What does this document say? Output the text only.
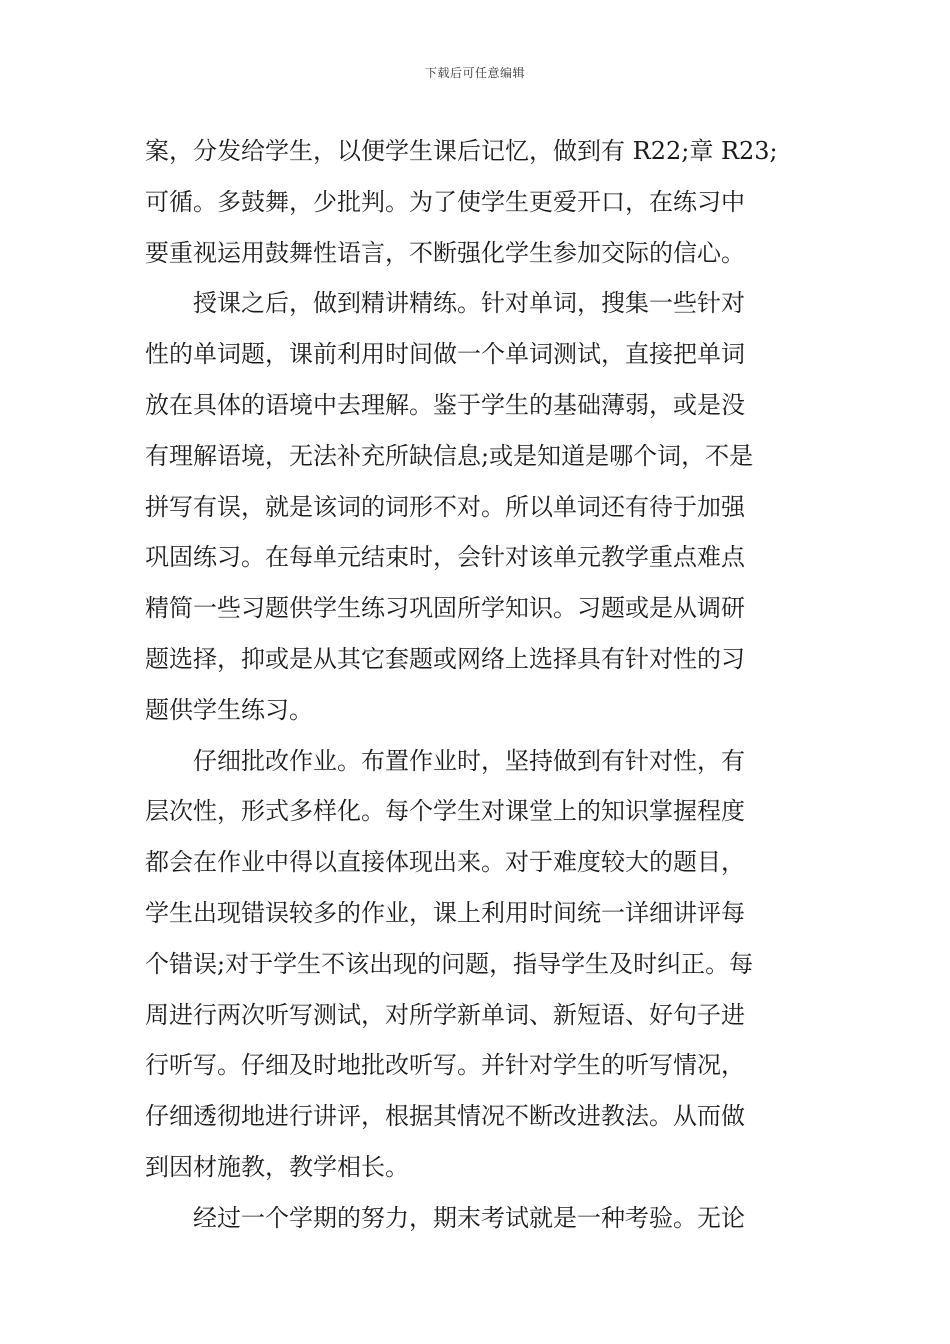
下载后可任意编辑
案，分发给学生，以便学生课后记忆，做到有 R22;章 R23;
可循。多鼓舞，少批判。为了使学生更爱开口，在练习中
要重视运用鼓舞性语言，不断强化学生参加交际的信心。
授课之后，做到精讲精练。针对单词，搜集一些针对
性的单词题，课前利用时间做一个单词测试，直接把单词
放在具体的语境中去理解。鉴于学生的基础薄弱，或是没
有理解语境，无法补充所缺信息;或是知道是哪个词，不是
拼写有误，就是该词的词形不对。所以单词还有待于加强
巩固练习。在每单元结束时，会针对该单元教学重点难点
精简一些习题供学生练习巩固所学知识。习题或是从调研
题选择，抑或是从其它套题或网络上选择具有针对性的习
题供学生练习。
仔细批改作业。布置作业时，坚持做到有针对性，有
层次性，形式多样化。每个学生对课堂上的知识掌握程度
都会在作业中得以直接体现出来。对于难度较大的题目，
学生出现错误较多的作业，课上利用时间统一详细讲评每
个错误;对于学生不该出现的问题，指导学生及时纠正。每
周进行两次听写测试，对所学新单词、新短语、好句子进
行听写。仔细及时地批改听写。并针对学生的听写情况，
仔细透彻地进行讲评，根据其情况不断改进教法。从而做
到因材施教，教学相长。
经过一个学期的努力，期末考试就是一种考验。无论
